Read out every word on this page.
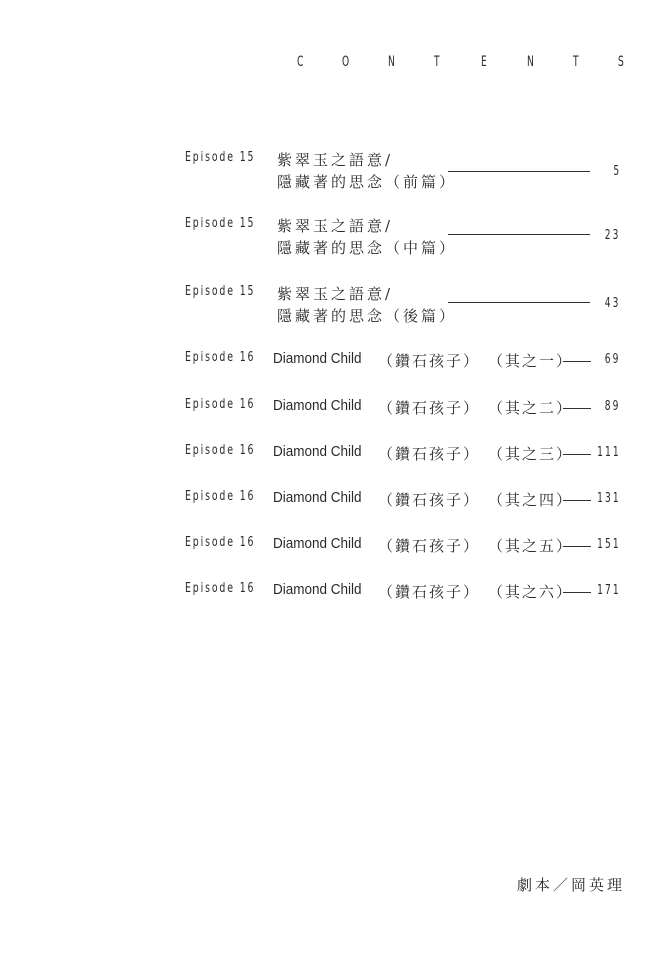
C	O	N	T	E	N	T	S
Episode 15 紫翠玉之語意/
隱藏著的思念（前篇）
5
Episode 15 紫翠玉之語意/
隱藏著的思念（中篇）
23
Episode 15 紫翠玉之語意/
隱藏著的思念（後篇）
43
Episode 16 Diamond Child （鑽石孩子） （其之一） 69
Episode 16 Diamond Child （鑽石孩子） （其之二） 89
Episode 16 Diamond Child （鑽石孩子） （其之三） 111
Episode 16 Diamond Child （鑽石孩子） （其之四） 131
Episode 16 Diamond Child （鑽石孩子） （其之五） 151
Episode 16 Diamond Child （鑽石孩子） （其之六） 171
劇本／岡英理
